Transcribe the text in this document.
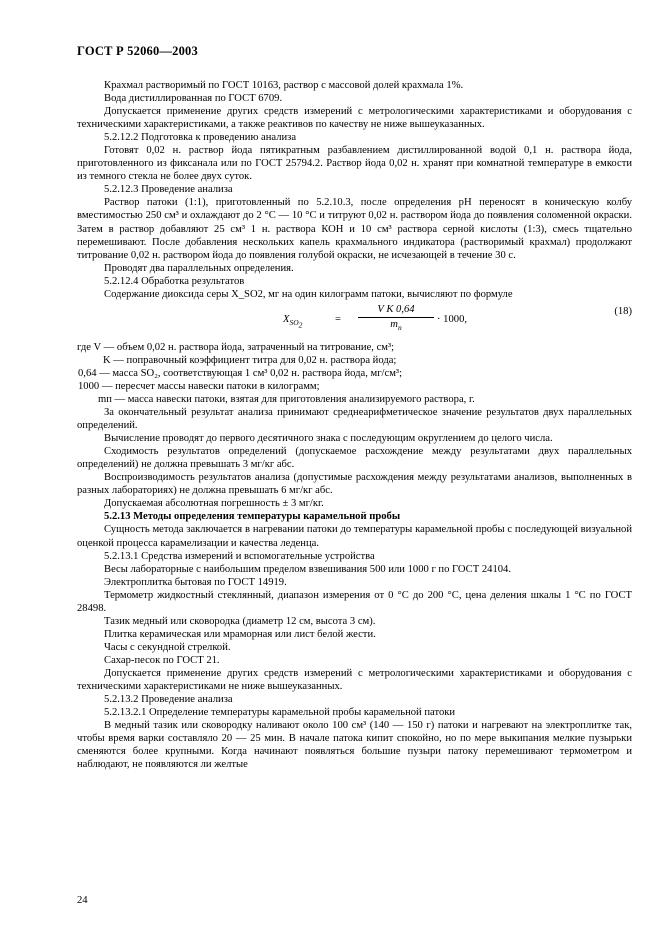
ГОСТ Р 52060—2003

Крахмал растворимый по ГОСТ 10163, раствор с массовой долей крахмала 1%.

Вода дистиллированная по ГОСТ 6709.

Допускается применение других средств измерений с метрологическими характеристиками и оборудования с техническими характеристиками, а также реактивов по качеству не ниже вышеуказанных.

5.2.12.2 Подготовка к проведению анализа

Готовят 0,02 н. раствор йода пятикратным разбавлением дистиллированной водой 0,1 н. раствора йода, приготовленного из фиксанала или по ГОСТ 25794.2. Раствор йода 0,02 н. хранят при комнатной температуре в емкости из темного стекла не более двух суток.

5.2.12.3 Проведение анализа

Раствор патоки (1:1), приготовленный по 5.2.10.3, после определения рН переносят в коническую колбу вместимостью 250 см³ и охлаждают до 2 °С — 10 °С и титруют 0,02 н. раствором йода до появления соломенной окраски. Затем в раствор добавляют 25 см³ 1 н. раствора КОН и 10 см³ раствора серной кислоты (1:3), смесь тщательно перемешивают. После добавления нескольких капель крахмального индикатора (растворимый крахмал) продолжают титрование 0,02 н. раствором йода до появления голубой окраски, не исчезающей в течение 30 с.

Проводят два параллельных определения.

5.2.12.4 Обработка результатов

Содержание диоксида серы X_SO2, мг на один килограмм патоки, вычисляют по формуле

$X_{SO_2}$
=
V K 0,64
$m_п$
· 1000,
(18)

где V — объем 0,02 н. раствора йода, затраченный на титрование, см³;

K — поправочный коэффициент титра для 0,02 н. раствора йода;

0,64 — масса SO₂, соответствующая 1 см³ 0,02 н. раствора йода, мг/см³;

1000 — пересчет массы навески патоки в килограмм;

mп — масса навески патоки, взятая для приготовления анализируемого раствора, г.

За окончательный результат анализа принимают среднеарифметическое значение результатов двух параллельных определений.

Вычисление проводят до первого десятичного знака с последующим округлением до целого числа.

Сходимость результатов определений (допускаемое расхождение между результатами двух параллельных определений) не должна превышать 3 мг/кг абс.

Воспроизводимость результатов анализа (допустимые расхождения между результатами анализов, выполненных в разных лабораториях) не должна превышать 6 мг/кг абс.

Допускаемая абсолютная погрешность ± 3 мг/кг.

5.2.13 Методы определения температуры карамельной пробы

Сущность метода заключается в нагревании патоки до температуры карамельной пробы с последующей визуальной оценкой процесса карамелизации и качества леденца.

5.2.13.1 Средства измерений и вспомогательные устройства

Весы лабораторные с наибольшим пределом взвешивания 500 или 1000 г по ГОСТ 24104.

Электроплитка бытовая по ГОСТ 14919.

Термометр жидкостный стеклянный, диапазон измерения от 0 °С до 200 °С, цена деления шкалы 1 °С по ГОСТ 28498.

Тазик медный или сковородка (диаметр 12 см, высота 3 см).

Плитка керамическая или мраморная или лист белой жести.

Часы с секундной стрелкой.

Сахар-песок по ГОСТ 21.

Допускается применение других средств измерений с метрологическими характеристиками и оборудования с техническими характеристиками не ниже вышеуказанных.

5.2.13.2 Проведение анализа

5.2.13.2.1 Определение температуры карамельной пробы карамельной патоки

В медный тазик или сковородку наливают около 100 см³ (140 — 150 г) патоки и нагревают на электроплитке так, чтобы время варки составляло 20 — 25 мин. В начале патока кипит спокойно, но по мере выкипания мелкие пузырьки сменяются более крупными. Когда начинают появляться большие пузыри патоку перемешивают термометром и наблюдают, не появляются ли желтые

24
